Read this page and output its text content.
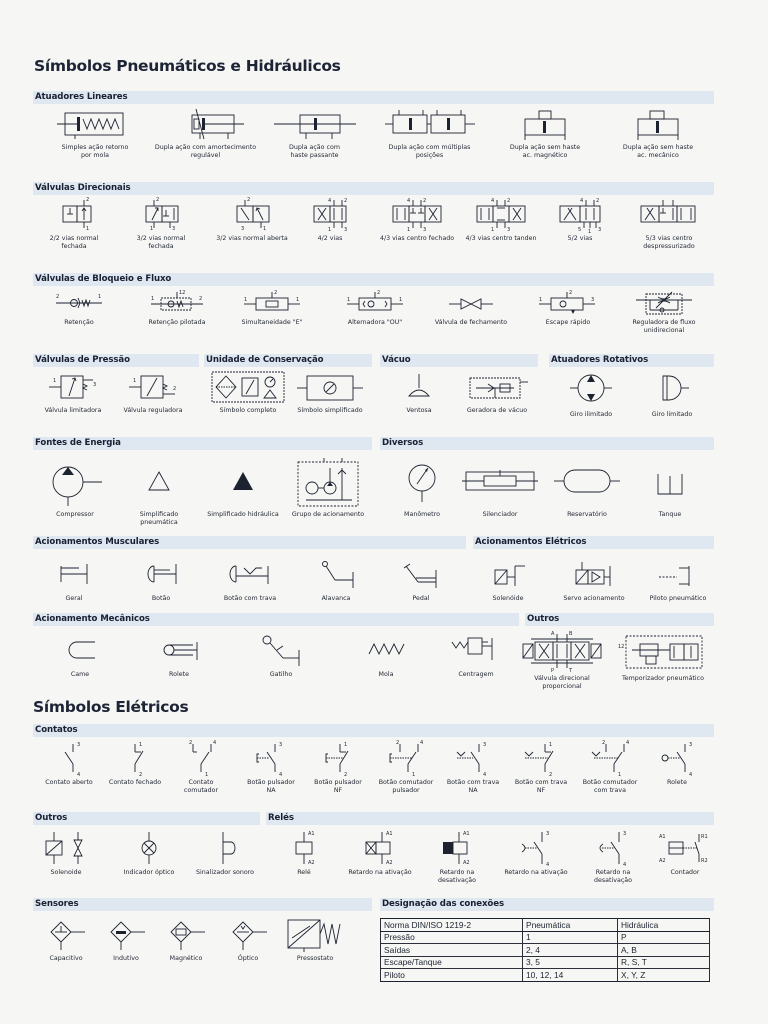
Símbolos Pneumáticos e Hidráulicos
Símbolos Elétricos
Atuadores Lineares
Válvulas Direcionais
Válvulas de Bloqueio e Fluxo
Válvulas de Pressão	Unidade de Conservação	Vácuo	Atuadores Rotativos
Fontes de Energia	Diversos
Acionamentos Musculares	Acionamentos Elétricos
Acionamento Mecânicos	Outros
Contatos
Outros	Relés
Sensores	Designação das conexões
Simples ação retorno
por mola
Dupla ação com amortecimento
regulável
Dupla ação com
haste passante
Dupla ação com múltiplas
posições
Dupla ação sem haste
ac. magnético
Dupla ação sem haste
ac. mecânico
2
1
2/2 vias normal
fechada
2
1	3
3/2 vias normal
fechada
2
1
3
3/2 vias normal aberta
4	2
1	3
4/2 vias
4	2
1	3
4/3 vias centro fechado
4	2
1	3
4/3 vias centro tanden
4	2
5 1 3
5/2 vias	5/3 vias centro
despressurizado
2	1
Retenção
12
1	2
Retenção pilotada
2
1	1
Simultaneidade "E"
2
1	1
Alternadora "OU"	Válvula de fechamento
2
1	3
Escape rápido	Reguladora de fluxo
unidirecional
1
3
Válvula limitadora
1
2
Válvula reguladora	Símbolo completo	Símbolo simplificado	Ventosa	Geradora de vácuo
Giro ilimitado	Giro limitado
Compressor	Simplificado
pneumática
Simplificado hidráulica	Grupo de acionamento	Manômetro	Silenciador	Reservatório	Tanque
Geral	Botão	Botão com trava	Alavanca	Pedal	Solenóide	Servo acionamento	Piloto pneumático
Came	Rolete	Gatilho	Mola	Centragem
A	B
P	T
Válvula direcional
proporcional
12
Temporizador pneumático
3
4
Contato aberto
1
2
Contato fechado
2	4
1
Contato
comutador
3
4
Botão pulsador
NA
1
2
Botão pulsador
NF
2	4
1
Botão comutador
pulsador
3
4
Botão com trava
NA
1
2
Botão com trava
NF
2	4
1
Botão comutador
com trava
3
4
Rolete
Solenoide	Indicador óptico	Sinalizador sonoro
A1
A2
Relé
A1
A2
Retardo na ativação
A1
A2
Retardo na
desativação
3
4
Retardo na ativação
3
4
Retardo na
desativação
A1
A2
R1
R2
Contador
Capacitivo	Indutivo	Magnético	Óptico	Pressostato
Norma DIN/ISO 1219-2	Pneumática	Hidráulica
Pressão	1	P
Saídas	2, 4	A, B
Escape/Tanque	3, 5	R, S, T
Piloto	10, 12, 14	X, Y, Z
